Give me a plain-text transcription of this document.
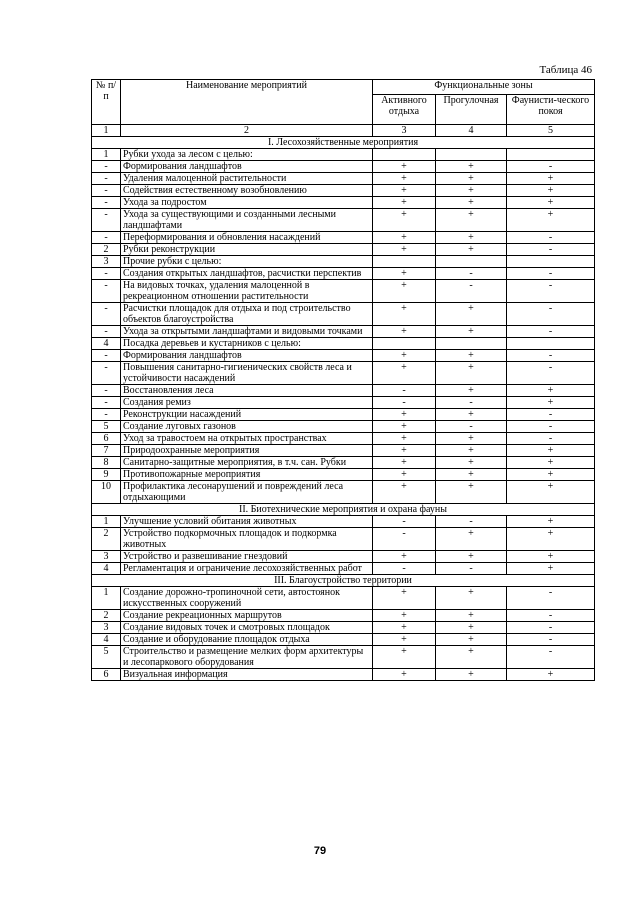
Таблица 46
№ п/п	Наименование мероприятий	Функциональные зоны		
		Активного отдыха	Прогулочная	Фаунисти-ческого покоя
1	2	3	4	5
I. Лесохозяйственные мероприятия				
1	Рубки ухода за лесом с целью:			
-	Формирования ландшафтов	+	+	-
-	Удаления малоценной растительности	+	+	+
-	Содействия естественному возобновлению	+	+	+
-	Ухода за подростом	+	+	+
-	Ухода за существующими и созданными лесными ландшафтами	+	+	+
-	Переформирования и обновления насаждений	+	+	-
2	Рубки реконструкции	+	+	-
3	Прочие рубки с целью:			
-	Создания открытых ландшафтов, расчистки перспектив	+	-	-
-	На видовых точках, удаления малоценной в рекреационном отношении растительности	+	-	-
-	Расчистки площадок для отдыха и под строительство объектов благоустройства	+	+	-
-	Ухода за открытыми ландшафтами и видовыми точками	+	+	-
4	Посадка деревьев и кустарников с целью:			
-	Формирования ландшафтов	+	+	-
-	Повышения санитарно-гигиенических свойств леса и устойчивости насаждений	+	+	-
-	Восстановления леса	-	+	+
-	Создания ремиз	-	-	+
-	Реконструкции насаждений	+	+	-
5	Создание луговых газонов	+	-	-
6	Уход за травостоем на открытых пространствах	+	+	-
7	Природоохранные мероприятия	+	+	+
8	Санитарно-защитные мероприятия, в т.ч. сан. Рубки	+	+	+
9	Противопожарные мероприятия	+	+	+
10	Профилактика лесонарушений и повреждений леса отдыхающими	+	+	+
II. Биотехнические мероприятия и охрана фауны				
1	Улучшение условий обитания животных	-	-	+
2	Устройство подкормочных площадок и подкормка животных	-	+	+
3	Устройство и развешивание гнездовий	+	+	+
4	Регламентация и ограничение лесохозяйственных работ	-	-	+
III. Благоустройство территории				
1	Создание дорожно-тропиночной сети, автостоянок искусственных сооружений	+	+	-
2	Создание рекреационных маршрутов	+	+	-
3	Создание видовых точек и смотровых площадок	+	+	-
4	Создание и оборудование площадок отдыха	+	+	-
5	Строительство и размещение мелких форм архитектуры и лесопаркового оборудования	+	+	-
6	Визуальная информация	+	+	+
79
